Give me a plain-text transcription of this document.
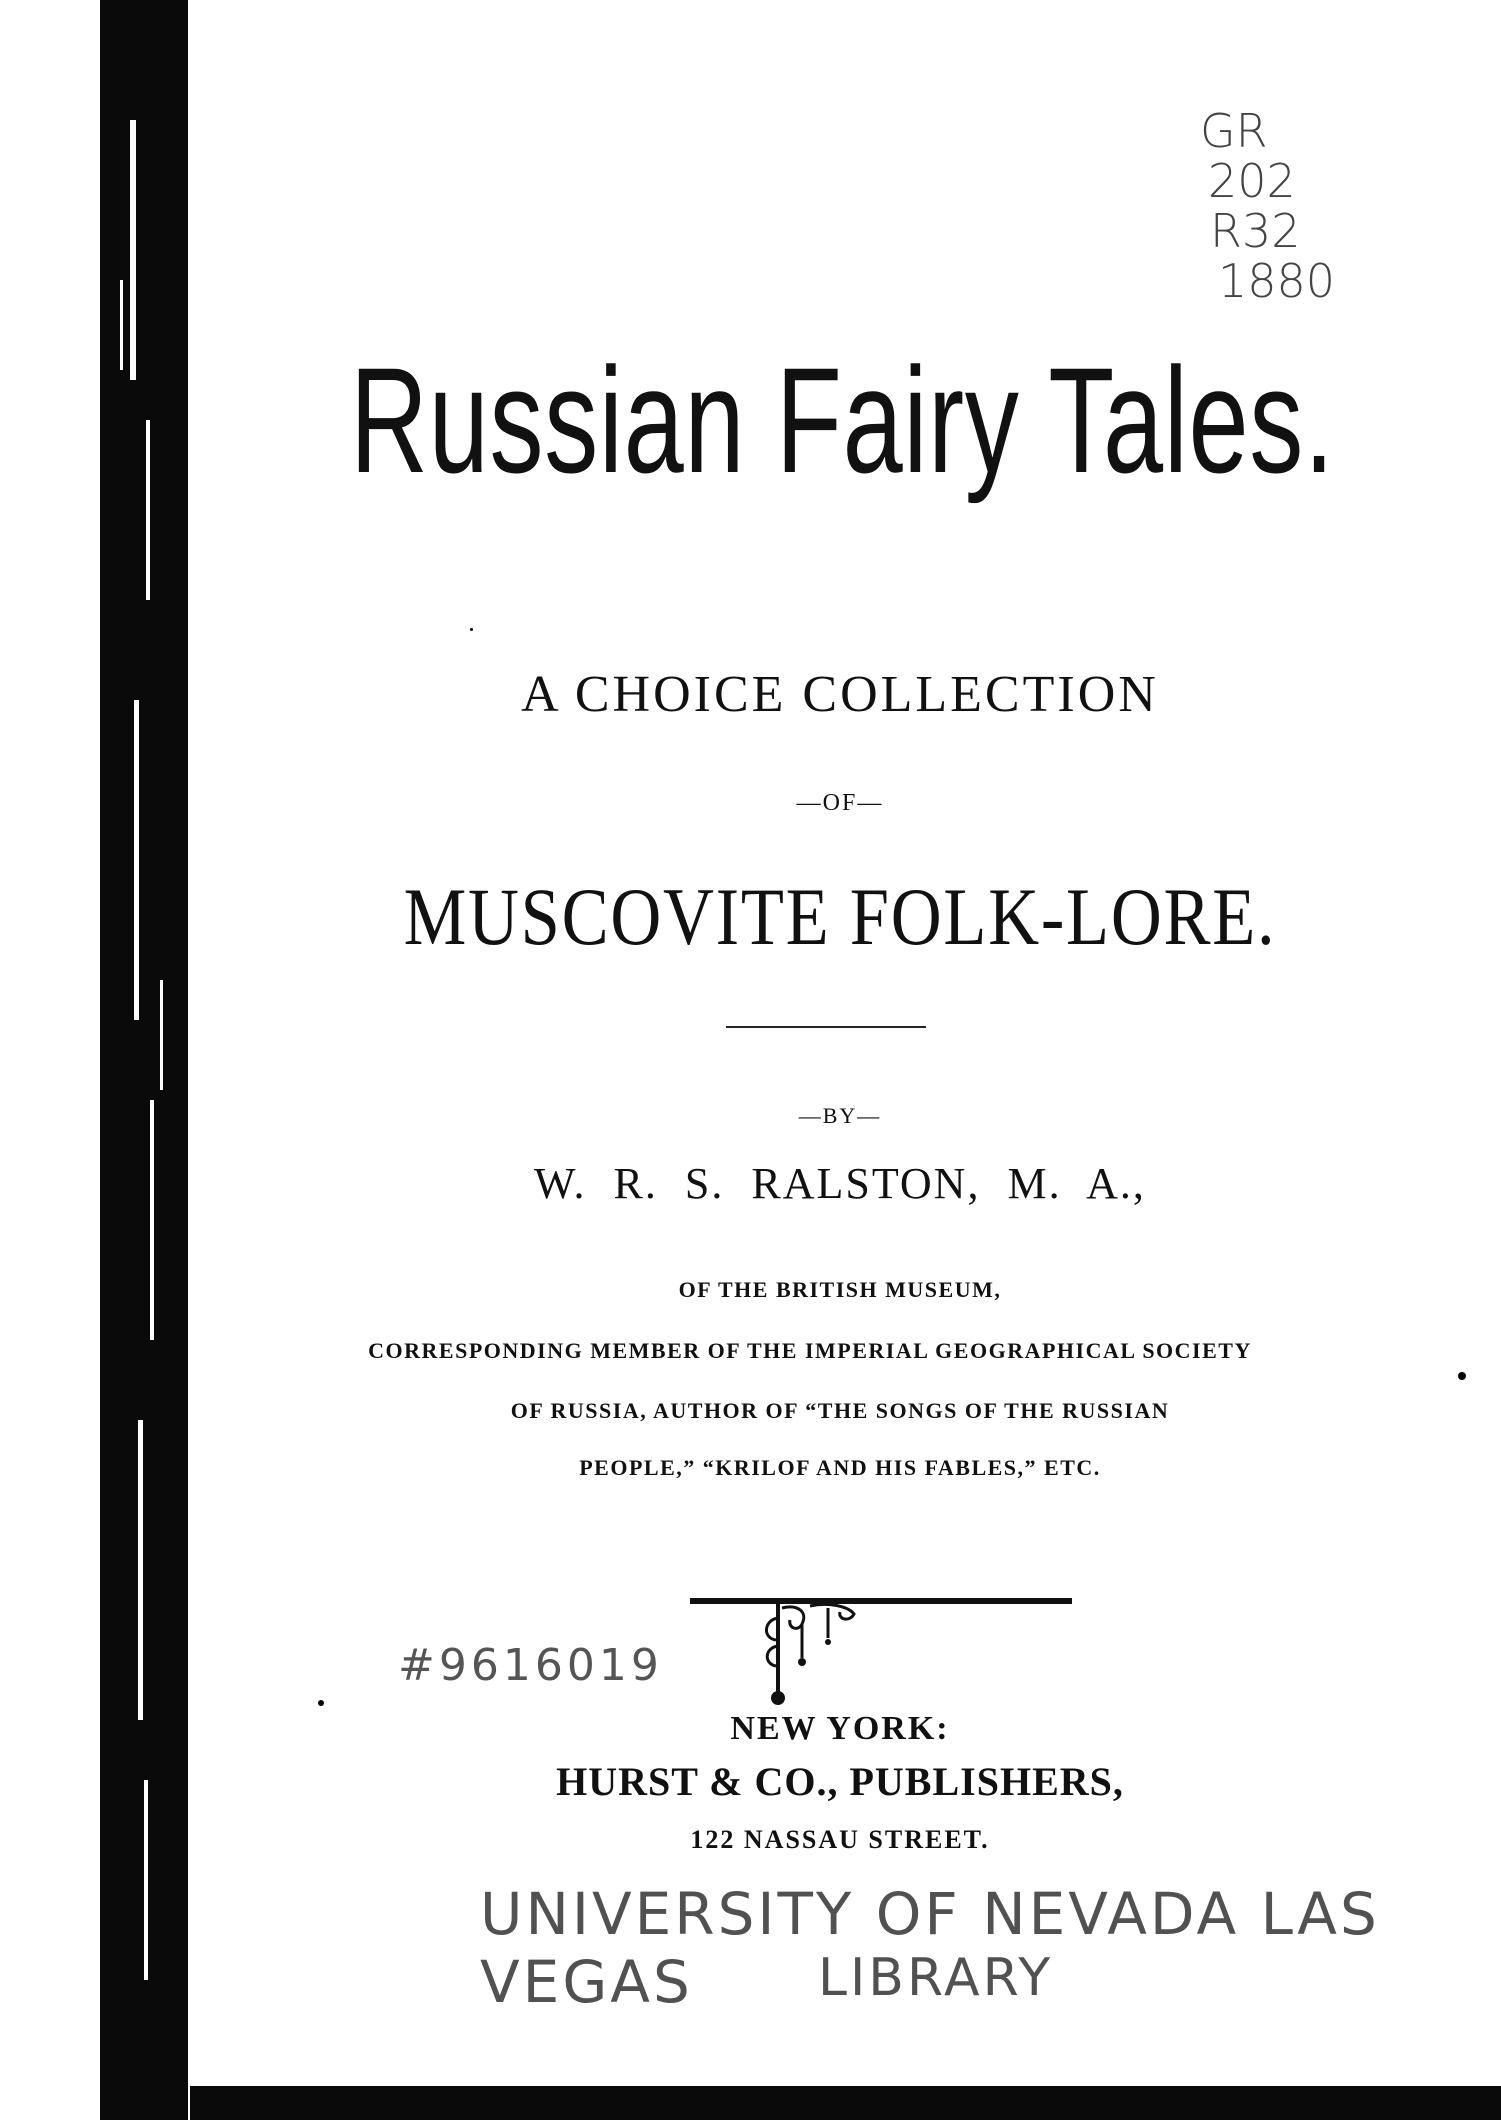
GR
202
R32
1880
Russian Fairy Tales.
A CHOICE COLLECTION
—OF—
MUSCOVITE FOLK-LORE.
—BY—
W. R. S. RALSTON, M. A.,
OF THE BRITISH MUSEUM,
CORRESPONDING MEMBER OF THE IMPERIAL GEOGRAPHICAL SOCIETY
OF RUSSIA, AUTHOR OF “THE SONGS OF THE RUSSIAN
PEOPLE,” “KRILOF AND HIS FABLES,” ETC.
#9616019
NEW YORK:
HURST & CO., PUBLISHERS,
122 NASSAU STREET.
UNIVERSITY OF NEVADA LAS VEGAS	LIBRARY
